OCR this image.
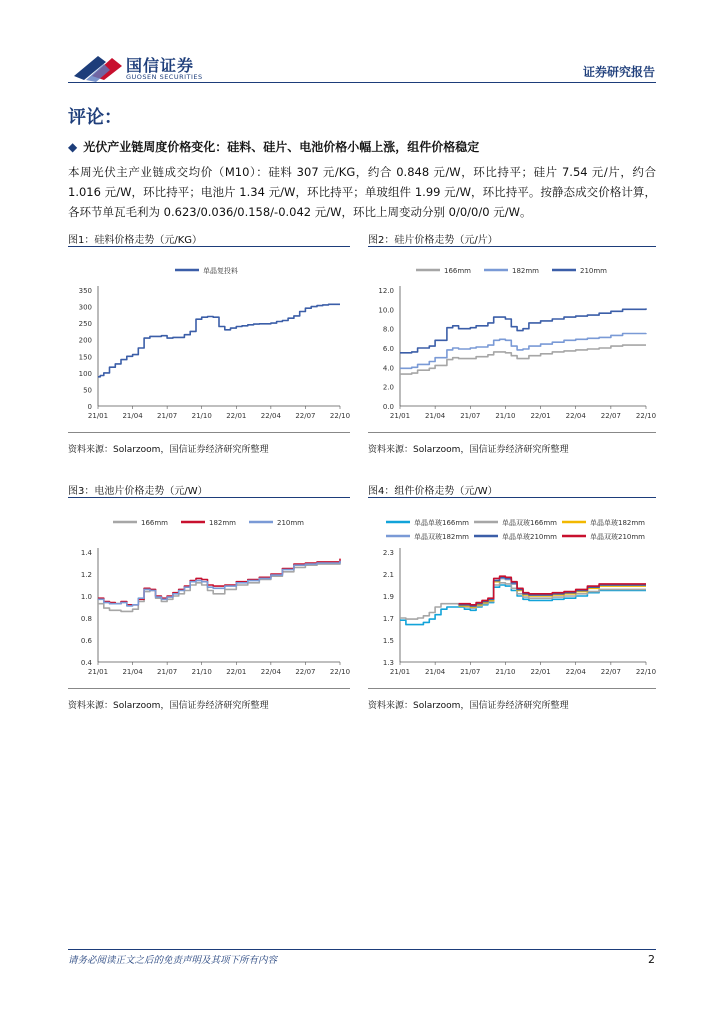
国信证券
GUOSEN SECURITIES	证券研究报告
评论：
◆ 光伏产业链周度价格变化：硅料、硅片、电池价格小幅上涨，组件价格稳定
本周光伏主产业链成交均价（M10）：硅料 307 元/KG，约合 0.848 元/W，环比持平；硅片 7.54 元/片，约合 1.016 元/W，环比持平；电池片 1.34 元/W，环比持平；单玻组件 1.99 元/W，环比持平。按静态成交价格计算，各环节单瓦毛利为 0.623/0.036/0.158/-0.042 元/W，环比上周变动分别 0/0/0/0 元/W。
图1：硅料价格走势（元/KG）
单晶复投料
0
50
100
150
200
250
300
350
21/01 21/04 21/07 21/10 22/01 22/04 22/07 22/10
资料来源：Solarzoom，国信证券经济研究所整理
图2：硅片价格走势（元/片）
166mm	182mm	210mm
0.0
2.0
4.0
6.0
8.0
10.0
12.0
21/01 21/04 21/07 21/10 22/01 22/04 22/07 22/10
资料来源：Solarzoom，国信证券经济研究所整理
图3：电池片价格走势（元/W）
166mm	182mm	210mm
0.4
0.6
0.8
1.0
1.2
1.4
21/01 21/04 21/07 21/10 22/01 22/04 22/07 22/10
资料来源：Solarzoom，国信证券经济研究所整理
图4：组件价格走势（元/W）
单晶单玻166mm	单晶双玻166mm	单晶单玻182mm
单晶双玻182mm	单晶单玻210mm	单晶双玻210mm
1.3
1.5
1.7
1.9
2.1
2.3
21/01 21/04 21/07 21/10 22/01 22/04 22/07 22/10
资料来源：Solarzoom，国信证券经济研究所整理
请务必阅读正文之后的免责声明及其项下所有内容	2
